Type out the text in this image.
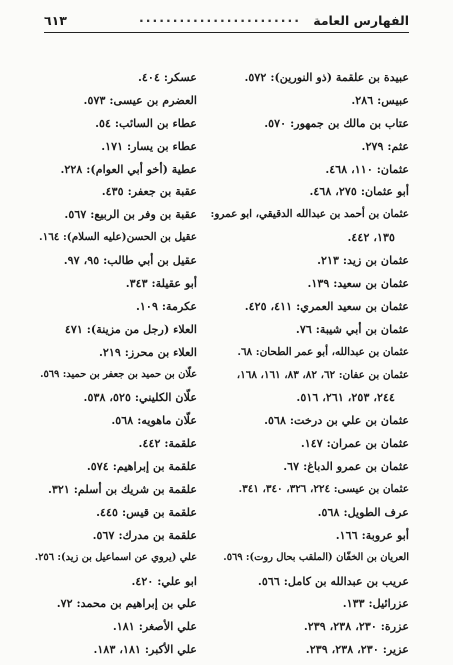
الفهارس العامة
........................
٦١٣
عبيدة بن علقمة (ذو النورين): ٥٧٢.
عبيس: ٢٨٦.
عتاب بن مالك بن جمهور: ٥٧٠.
عثم: ٢٧٩.
عثمان: ١١٠، ٤٦٨.
أبو عثمان: ٢٧٥، ٤٦٨.
عثمان بن أحمد بن عبدالله الدقيقي، ابو عمرو:
١٣٥، ٤٤٢.
عثمان بن زيد: ٢١٣.
عثمان بن سعيد: ١٣٩.
عثمان بن سعيد العمري: ٤١١، ٤٢٥.
عثمان بن أبي شيبة: ٧٦.
عثمان بن عبدالله، أبو عمر الطحان: ٦٨.
عثمان بن عفان: ٦٢، ٨٢، ٨٣، ١٦١، ١٦٨،
٢٤٤، ٢٥٣، ٢٦١، ٥١٦.
عثمان بن علي بن درخت: ٥٦٨.
عثمان بن عمران: ١٤٧.
عثمان بن عمرو الدباغ: ٦٧.
عثمان بن عيسى: ٢٢٤، ٣٢٦، ٣٤٠، ٣٤١.
عرف الطويل: ٥٦٨.
أبو عروبة: ١٦٦.
العريان بن الخفّان (الملقب بحال روت): ٥٦٩.
عريب بن عبدالله بن كامل: ٥٦٦.
عزرائيل: ١٣٣.
عزرة: ٢٣٠، ٢٣٨، ٢٣٩.
عزير: ٢٣٠، ٢٣٨، ٢٣٩.
عسكر: ٤٠٤.
العضرم بن عيسى: ٥٧٣.
عطاء بن السائب: ٥٤.
عطاء بن يسار: ١٧١.
عطية (أخو أبي العوام): ٢٢٨.
عقبة بن جعفر: ٤٣٥.
عقبة بن وفر بن الربيع: ٥٦٧.
عقيل بن الحسن(عليه السلام): ١٦٤.
عقيل بن أبي طالب: ٩٥، ٩٧.
أبو عقيلة: ٣٤٣.
عكرمة: ١٠٩.
العلاء (رجل من مزينة): ٤٧١
العلاء بن محرز: ٢١٩.
علّان بن حميد بن جعفر بن حميد: ٥٦٩.
علّان الكليني: ٥٢٥، ٥٣٨.
علّان ماهويه: ٥٦٨.
علقمة: ٤٤٢.
علقمة بن إبراهيم: ٥٧٤.
علقمة بن شريك بن أسلم: ٣٢١.
علقمة بن قيس: ٤٤٥.
علقمة بن مدرك: ٥٦٧.
علي (يروي عن اسماعيل بن زيد): ٢٥٦.
ابو علي: ٤٢٠.
علي بن إبراهيم بن محمد: ٧٢.
علي الأصغر: ١٨١.
علي الأكبر: ١٨١، ١٨٣.
